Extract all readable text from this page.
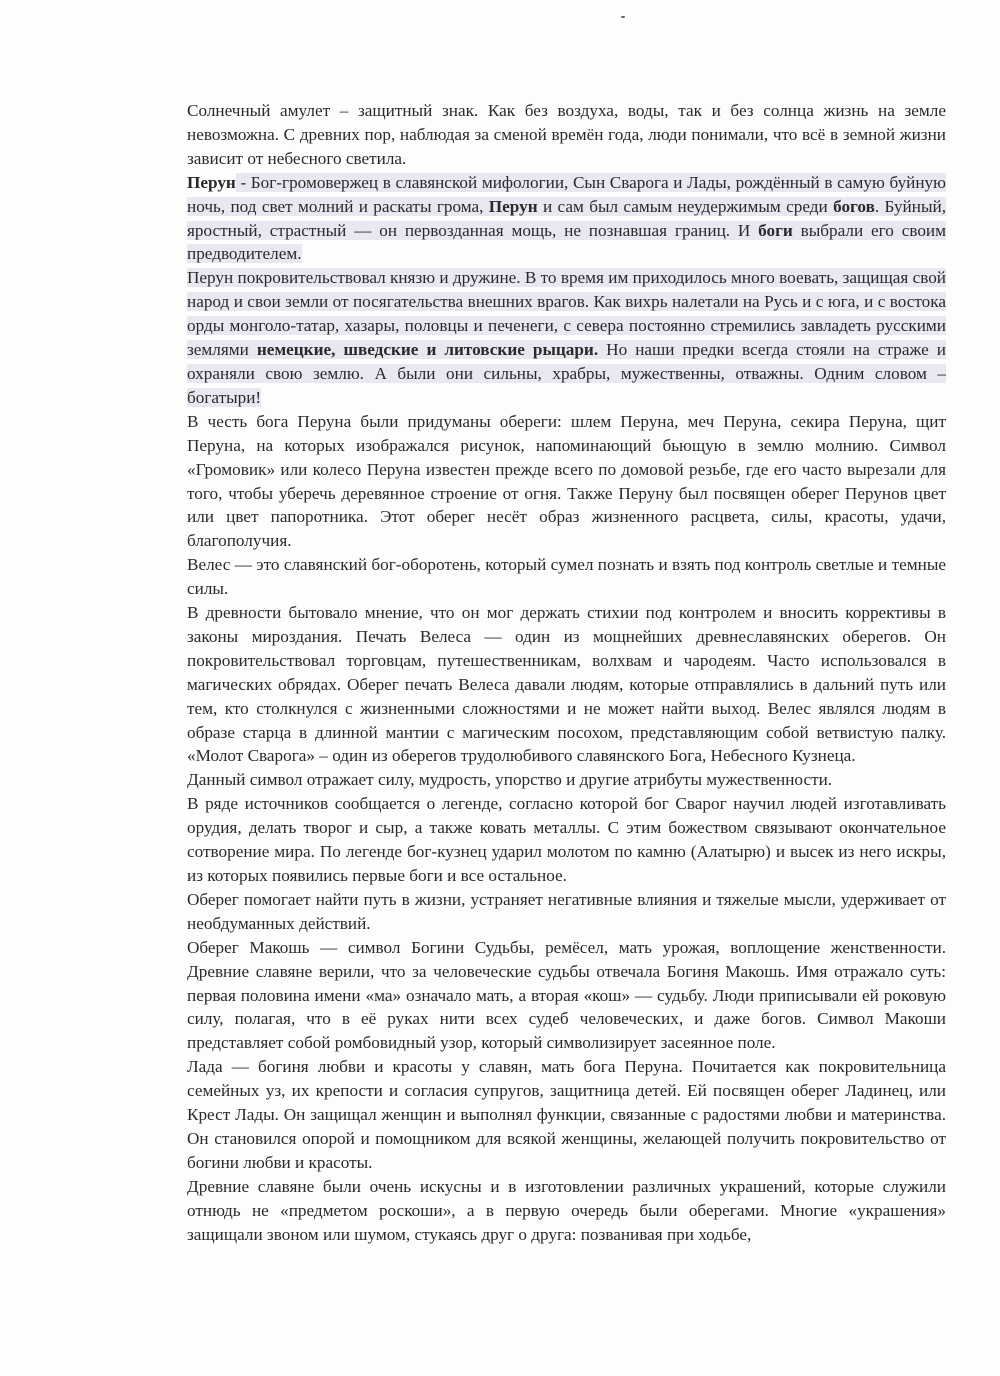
Солнечный амулет – защитный знак. Как без воздуха, воды, так и без солнца жизнь на земле невозможна. С древних пор, наблюдая за сменой времён года, люди понимали, что всё в земной жизни зависит от небесного светила.

Перун - Бог-громовержец в славянской мифологии, Сын Сварога и Лады, рождённый в самую буйную ночь, под свет молний и раскаты грома, Перун и сам был самым неудержимым среди богов. Буйный, яростный, страстный — он первозданная мощь, не познавшая границ. И боги выбрали его своим предводителем.

Перун покровительствовал князю и дружине. В то время им приходилось много воевать, защищая свой народ и свои земли от посягательства внешних врагов. Как вихрь налетали на Русь и с юга, и с востока орды монголо-татар, хазары, половцы и печенеги, с севера постоянно стремились завладеть русскими землями немецкие, шведские и литовские рыцари. Но наши предки всегда стояли на страже и охраняли свою землю. А были они сильны, храбры, мужественны, отважны. Одним словом – богатыри!

В честь бога Перуна были придуманы обереги: шлем Перуна, меч Перуна, секира Перуна, щит Перуна, на которых изображался рисунок, напоминающий бьющую в землю молнию. Символ «Громовик» или колесо Перуна известен прежде всего по домовой резьбе, где его часто вырезали для того, чтобы уберечь деревянное строение от огня. Также Перуну был посвящен оберег Перунов цвет или цвет папоротника. Этот оберег несёт образ жизненного расцвета, силы, красоты, удачи, благополучия.

Велес — это славянский бог-оборотень, который сумел познать и взять под контроль светлые и темные силы.

В древности бытовало мнение, что он мог держать стихии под контролем и вносить коррективы в законы мироздания. Печать Велеса — один из мощнейших древнеславянских оберегов. Он покровительствовал торговцам, путешественникам, волхвам и чародеям. Часто использовался в магических обрядах. Оберег печать Велеса давали людям, которые отправлялись в дальний путь или тем, кто столкнулся с жизненными сложностями и не может найти выход. Велес являлся людям в образе старца в длинной мантии с магическим посохом, представляющим собой ветвистую палку. «Молот Сварога» – один из оберегов трудолюбивого славянского Бога, Небесного Кузнеца.

Данный символ отражает силу, мудрость, упорство и другие атрибуты мужественности.

В ряде источников сообщается о легенде, согласно которой бог Сварог научил людей изготавливать орудия, делать творог и сыр, а также ковать металлы. С этим божеством связывают окончательное сотворение мира. По легенде бог-кузнец ударил молотом по камню (Алатырю) и высек из него искры, из которых появились первые боги и все остальное.

Оберег помогает найти путь в жизни, устраняет негативные влияния и тяжелые мысли, удерживает от необдуманных действий.

Оберег Макошь — символ Богини Судьбы, ремёсел, мать урожая, воплощение женственности. Древние славяне верили, что за человеческие судьбы отвечала Богиня Макошь. Имя отражало суть: первая половина имени «ма» означало мать, а вторая «кош» — судьбу. Люди приписывали ей роковую силу, полагая, что в её руках нити всех судеб человеческих, и даже богов. Символ Макоши представляет собой ромбовидный узор, который символизирует засеянное поле.

Лада — богиня любви и красоты у славян, мать бога Перуна. Почитается как покровительница семейных уз, их крепости и согласия супругов, защитница детей. Ей посвящен оберег Ладинец, или Крест Лады. Он защищал женщин и выполнял функции, связанные с радостями любви и материнства. Он становился опорой и помощником для всякой женщины, желающей получить покровительство от богини любви и красоты.

Древние славяне были очень искусны и в изготовлении различных украшений, которые служили отнюдь не «предметом роскоши», а в первую очередь были оберегами. Многие «украшения» защищали звоном или шумом, стукаясь друг о друга: позванивая при ходьбе,
